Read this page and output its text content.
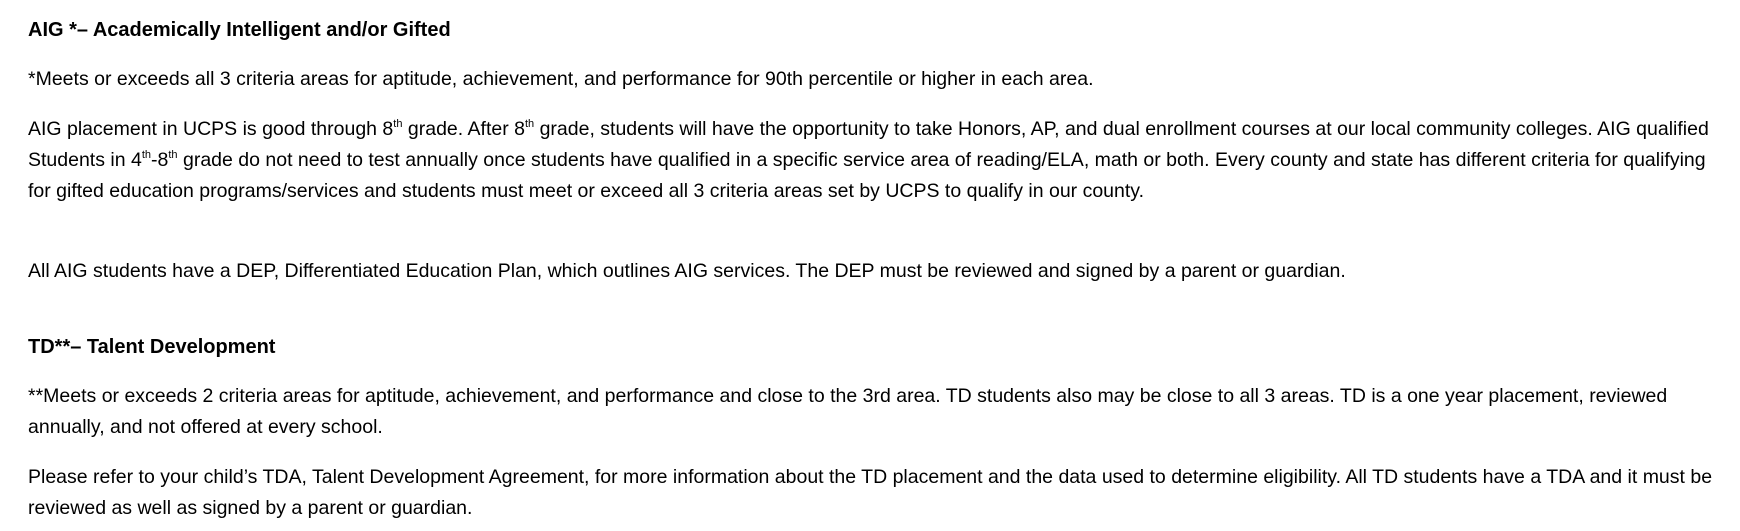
AIG *– Academically Intelligent and/or Gifted

*Meets or exceeds all 3 criteria areas for aptitude, achievement, and performance for 90th percentile or higher in each area.

AIG placement in UCPS is good through 8th grade. After 8th grade, students will have the opportunity to take Honors, AP, and dual enrollment courses at our local community colleges. AIG qualified Students in 4th-8th grade do not need to test annually once students have qualified in a specific service area of reading/ELA, math or both. Every county and state has different criteria for qualifying for gifted education programs/services and students must meet or exceed all 3 criteria areas set by UCPS to qualify in our county.

All AIG students have a DEP, Differentiated Education Plan, which outlines AIG services. The DEP must be reviewed and signed by a parent or guardian.

TD**– Talent Development

**Meets or exceeds 2 criteria areas for aptitude, achievement, and performance and close to the 3rd area. TD students also may be close to all 3 areas. TD is a one year placement, reviewed annually, and not offered at every school.

Please refer to your child’s TDA, Talent Development Agreement, for more information about the TD placement and the data used to determine eligibility. All TD students have a TDA and it must be reviewed as well as signed by a parent or guardian.
